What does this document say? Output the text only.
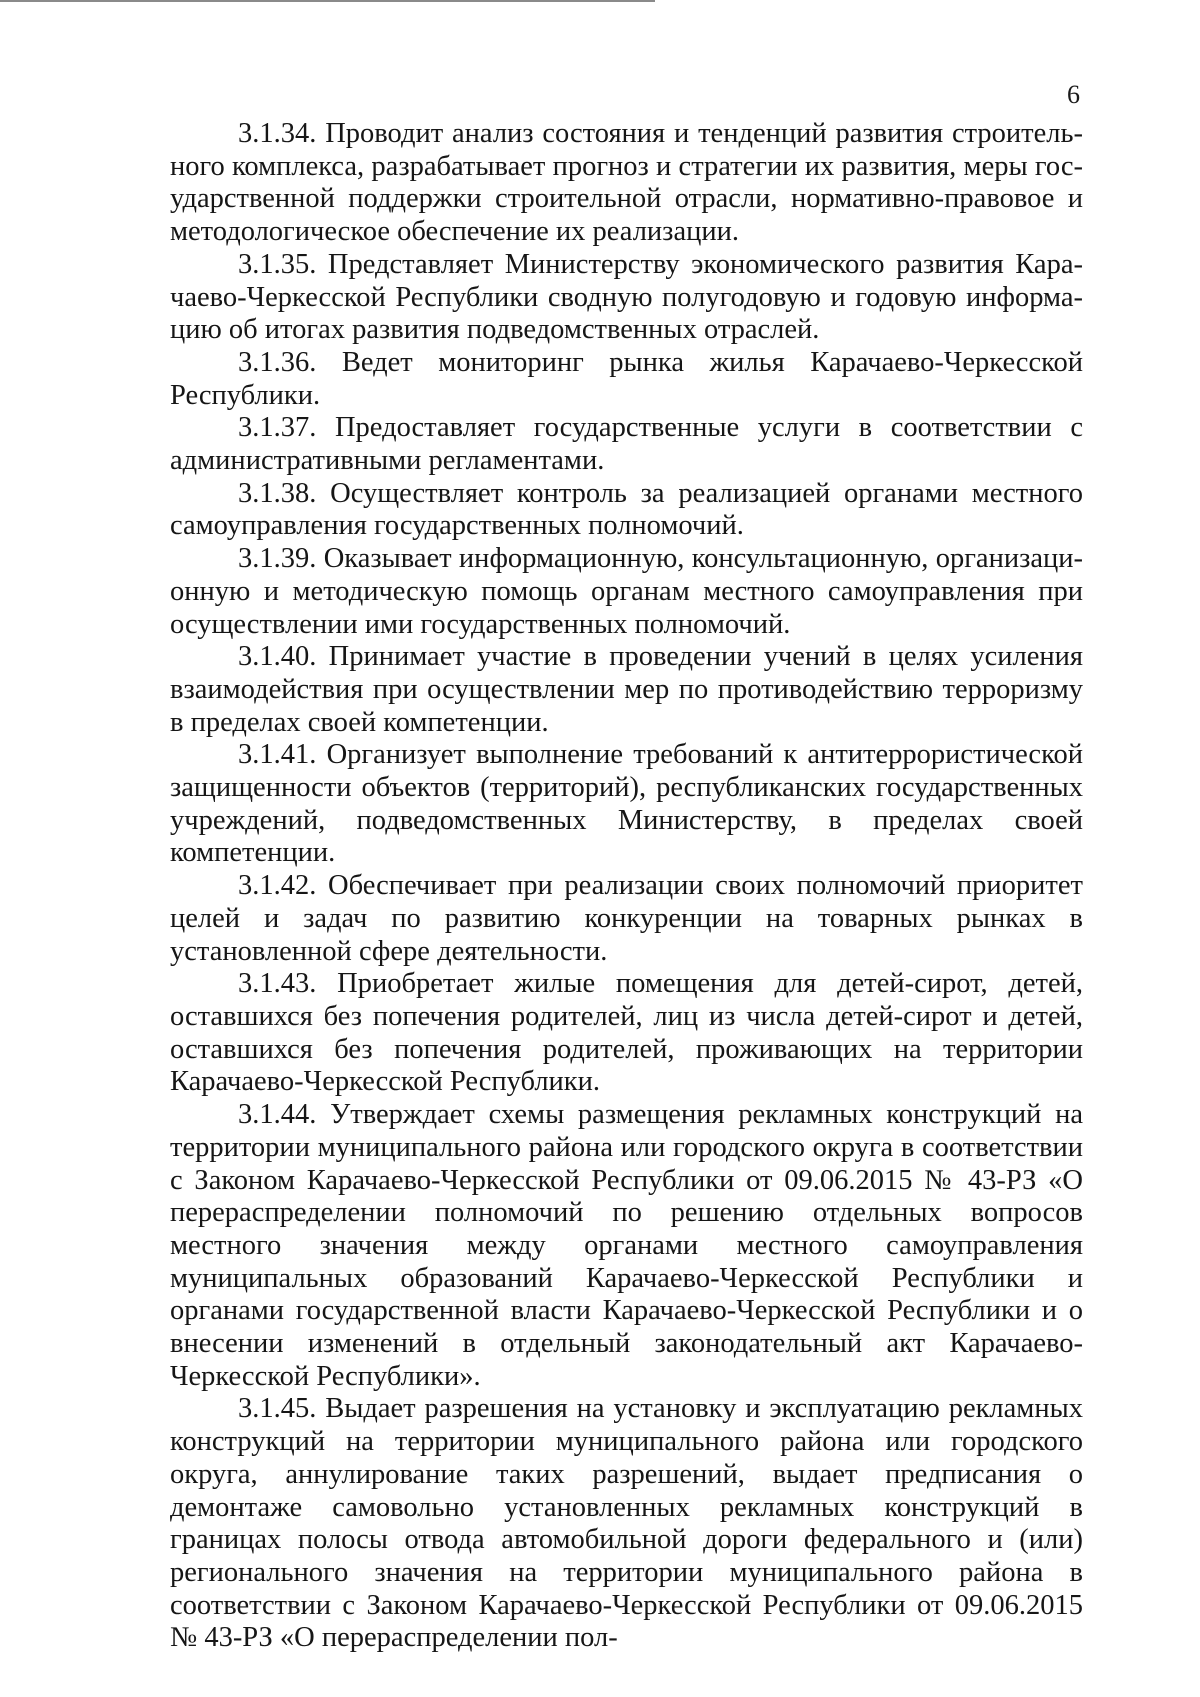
6

3.1.34. Проводит анализ состояния и тенденций развития строительного комплекса, разрабатывает прогноз и стратегии их развития, меры государственной поддержки строительной отрасли, нормативно-правовое и методологическое обеспечение их реализации.

3.1.35. Представляет Министерству экономического развития Карачаево-Черкесской Республики сводную полугодовую и годовую информацию об итогах развития подведомственных отраслей.

3.1.36. Ведет мониторинг рынка жилья Карачаево-Черкесской Республики.

3.1.37. Предоставляет государственные услуги в соответствии с административными регламентами.

3.1.38. Осуществляет контроль за реализацией органами местного самоуправления государственных полномочий.

3.1.39. Оказывает информационную, консультационную, организационную и методическую помощь органам местного самоуправления при осуществлении ими государственных полномочий.

3.1.40. Принимает участие в проведении учений в целях усиления взаимодействия при осуществлении мер по противодействию терроризму в пределах своей компетенции.

3.1.41. Организует выполнение требований к антитеррористической защищенности объектов (территорий), республиканских государственных учреждений, подведомственных Министерству, в пределах своей компетенции.

3.1.42. Обеспечивает при реализации своих полномочий приоритет целей и задач по развитию конкуренции на товарных рынках в установленной сфере деятельности.

3.1.43. Приобретает жилые помещения для детей-сирот, детей, оставшихся без попечения родителей, лиц из числа детей-сирот и детей, оставшихся без попечения родителей, проживающих на территории Карачаево-Черкесской Республики.

3.1.44. Утверждает схемы размещения рекламных конструкций на территории муниципального района или городского округа в соответствии с Законом Карачаево-Черкесской Республики от 09.06.2015 № 43-РЗ «О перераспределении полномочий по решению отдельных вопросов местного значения между органами местного самоуправления муниципальных образований Карачаево-Черкесской Республики и органами государственной власти Карачаево-Черкесской Республики и о внесении изменений в отдельный законодательный акт Карачаево-Черкесской Республики».

3.1.45. Выдает разрешения на установку и эксплуатацию рекламных конструкций на территории муниципального района или городского округа, аннулирование таких разрешений, выдает предписания о демонтаже самовольно установленных рекламных конструкций в границах полосы отвода автомобильной дороги федерального и (или) регионального значения на территории муниципального района в соответствии с Законом Карачаево-Черкесской Республики от 09.06.2015 № 43-РЗ «О перераспределении пол-
